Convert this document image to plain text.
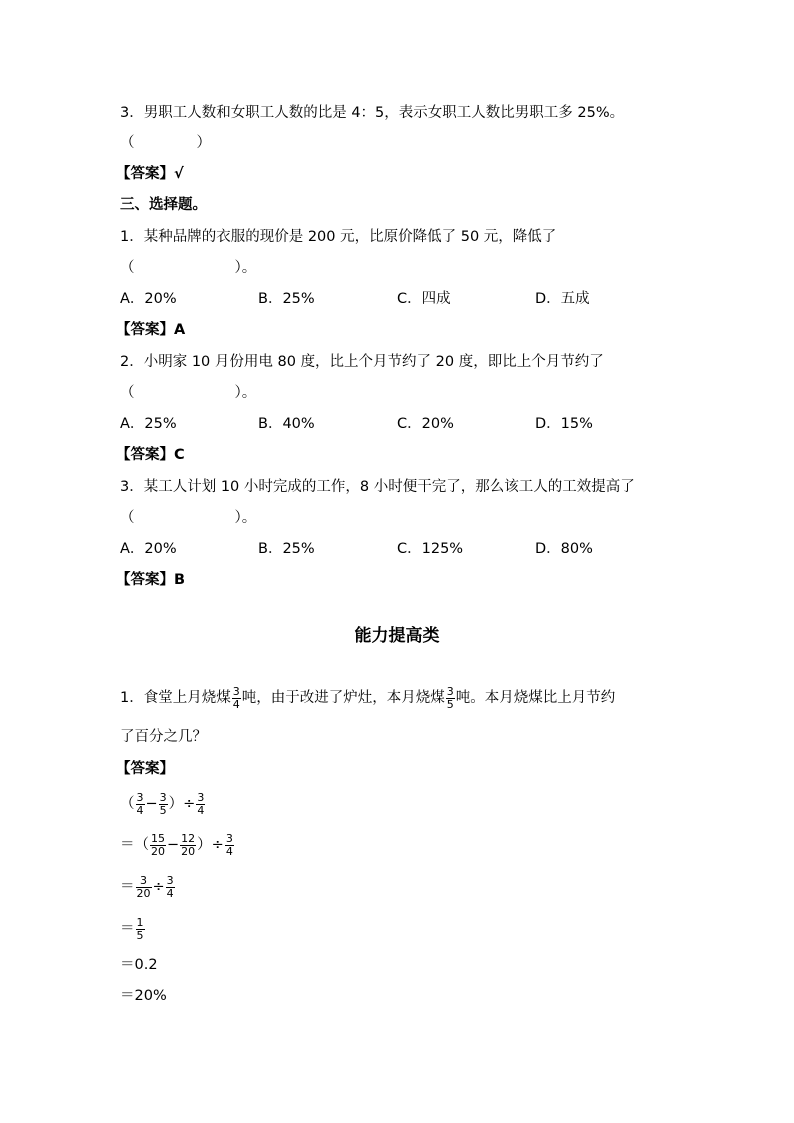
3．男职工人数和女职工人数的比是 4：5，表示女职工人数比男职工多 25%。
（	）
【答案】√
三、选择题。
1．某种品牌的衣服的现价是 200 元，比原价降低了 50 元，降低了
（	）。
A．20%	B．25%	C．四成	D．五成
【答案】A
2．小明家 10 月份用电 80 度，比上个月节约了 20 度，即比上个月节约了
（	）。
A．25%	B．40%	C．20%	D．15%
【答案】C
3．某工人计划 10 小时完成的工作，8 小时便干完了，那么该工人的工效提高了
（	）。
A．20%	B．25%	C．125%	D．80%
【答案】B
能力提高类
1．食堂上月烧煤 $\frac{3}{4}$ 吨，由于改进了炉灶，本月烧煤 $\frac{3}{5}$ 吨。本月烧煤比上月节约
了百分之几？
【答案】
（ $\frac{3}{4} - \frac{3}{5}$ ）÷ $\frac{3}{4}$
＝（ $\frac{15}{20} - \frac{12}{20}$ ）÷ $\frac{3}{4}$
＝ $\frac{3}{20} \div \frac{3}{4}$
＝ $\frac{1}{5}$
＝0.2
＝20%
